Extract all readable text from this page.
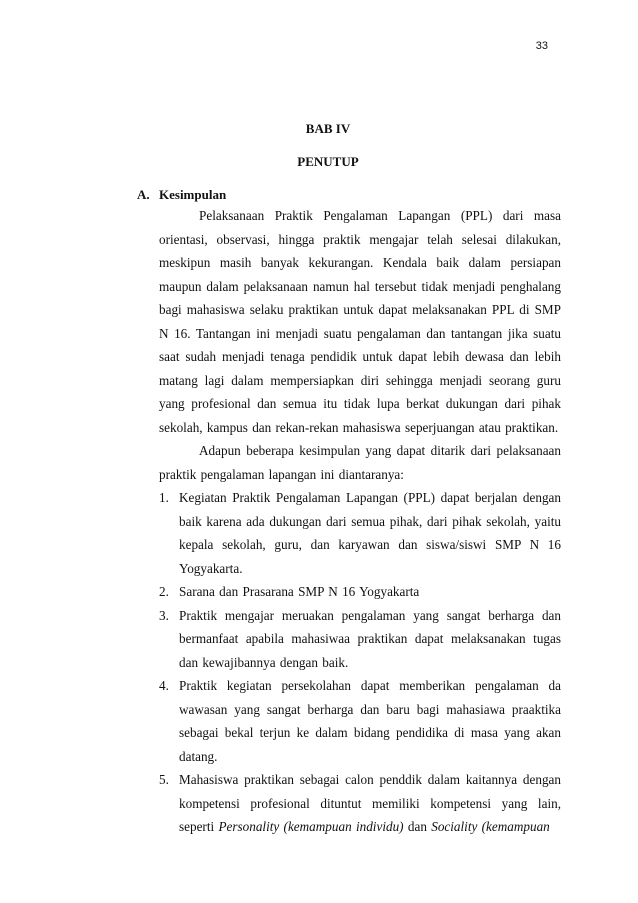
33
BAB IV
PENUTUP
A. Kesimpulan

Pelaksanaan Praktik Pengalaman Lapangan (PPL) dari masa orientasi, observasi, hingga praktik mengajar telah selesai dilakukan, meskipun masih banyak kekurangan. Kendala baik dalam persiapan maupun dalam pelaksanaan namun hal tersebut tidak menjadi penghalang bagi mahasiswa selaku praktikan untuk dapat melaksanakan PPL di SMP N 16. Tantangan ini menjadi suatu pengalaman dan tantangan jika suatu saat sudah menjadi tenaga pendidik untuk dapat lebih dewasa dan lebih matang lagi dalam mempersiapkan diri sehingga menjadi seorang guru yang profesional dan semua itu tidak lupa berkat dukungan dari pihak sekolah, kampus dan rekan-rekan mahasiswa seperjuangan atau praktikan.

Adapun beberapa kesimpulan yang dapat ditarik dari pelaksanaan praktik pengalaman lapangan ini diantaranya:

1. Kegiatan Praktik Pengalaman Lapangan (PPL) dapat berjalan dengan baik karena ada dukungan dari semua pihak, dari pihak sekolah, yaitu kepala sekolah, guru, dan karyawan dan siswa/siswi SMP N 16 Yogyakarta.
2. Sarana dan Prasarana SMP N 16 Yogyakarta
3. Praktik mengajar meruakan pengalaman yang sangat berharga dan bermanfaat apabila mahasiwaa praktikan dapat melaksanakan tugas dan kewajibannya dengan baik.
4. Praktik kegiatan persekolahan dapat memberikan pengalaman da wawasan yang sangat berharga dan baru bagi mahasiawa praaktika sebagai bekal terjun ke dalam bidang pendidika di masa yang akan datang.
5. Mahasiswa praktikan sebagai calon penddik dalam kaitannya dengan kompetensi profesional dituntut memiliki kompetensi yang lain, seperti Personality (kemampuan individu) dan Sociality (kemampuan
